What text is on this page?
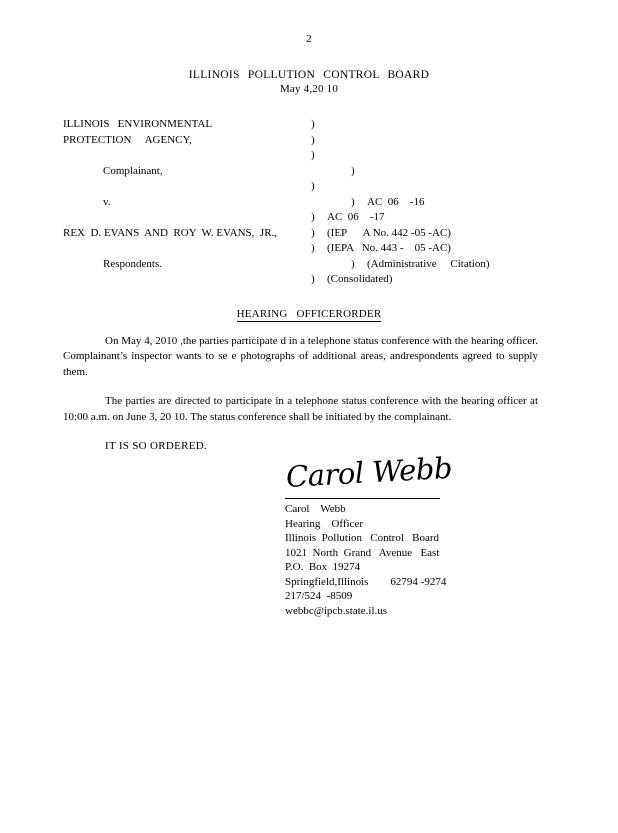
2
ILLINOIS POLLUTION CONTROL BOARD
May 4,20 10
ILLINOIS   ENVIRONMENTAL	)
PROTECTION     AGENCY,	)

)
Complainant,	)

)
v.	)	AC  06    -16

)	AC  06    -17
REX  D. EVANS  AND  ROY  W. EVANS,  JR.,	)	(IEP      A No. 442 -05 -AC)

)	(IEPA   No. 443 -    05 -AC)
Respondents.	)	(Administrative     Citation)

)	(Consolidated)
HEARING OFFICERORDER
On May 4, 2010 ,the parties participate d in a telephone status conference with the hearing officer. Complainant’s inspector wants to se e photographs of additional areas, andrespondents agreed to supply them.
The parties are directed to participate in a telephone status conference with the hearing officer at 10:00 a.m. on June 3, 20 10. The status conference shall be initiated by the complainant.
IT IS SO ORDERED.
Carol Webb
Carol    Webb
Hearing    Officer
Illinois  Pollution   Control   Board
1021  North  Grand   Avenue   East
P.O.  Box  19274
Springfield,Illinois        62794 -9274
217/524  -8509
webbc@ipcb.state.il.us
